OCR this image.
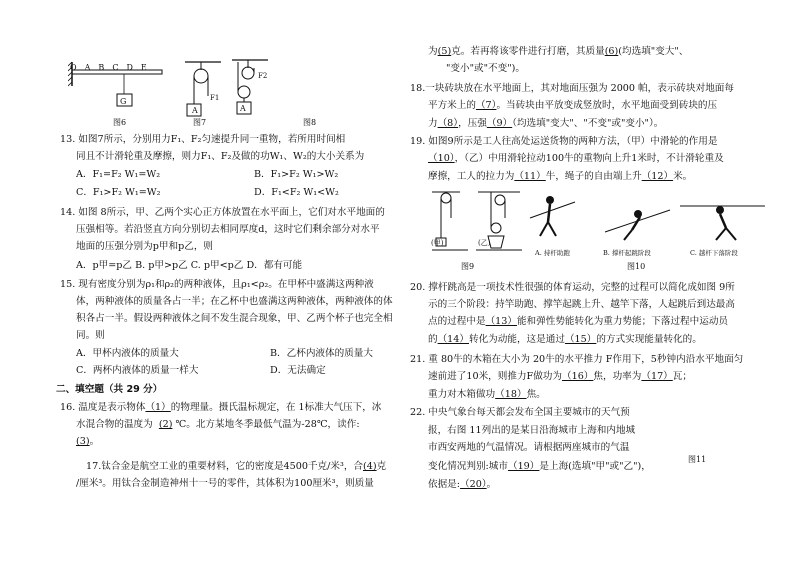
OABCDE
G
图6
A
F1
图7
A
F2
图8
13. 如图7所示，分别用力F₁、F₂匀速提升同一重物，若所用时间相
同且不计滑轮重及摩擦，则力F₁、F₂及做的功W₁、W₂的大小关系为
A．F₁=F₂ W₁=W₂	B．F₁>F₂ W₁>W₂
C．F₁>F₂ W₁=W₂	D．F₁<F₂ W₁<W₂
14. 如图 8所示，甲、乙两个实心正方体放置在水平面上，它们对水平地面的
压强相等。若沿竖直方向分别切去相同厚度d，这时它们剩余部分对水平
地面的压强分别为p甲和p乙，则
A．p甲=p乙 B. p甲>p乙 C. p甲<p乙 D．都有可能
15. 现有密度分别为ρ₁和ρ₂的两种液体，且ρ₁<ρ₂。在甲杯中盛满这两种液
体，两种液体的质量各占一半；在乙杯中也盛满这两种液体，两种液体的体
积各占一半。假设两种液体之间不发生混合现象，甲、乙两个杯子也完全相
同。则
A．甲杯内液体的质量大	B．乙杯内液体的质量大
C．两杯内液体的质量一样大	D．无法确定
二、填空题（共 29 分）
16. 温度是表示物体（1）的物理量。摄氏温标规定，在 1标准大气压下，冰
水混合物的温度为 (2) ℃。北方某地冬季最低气温为-28℃，读作:
(3)。
17.钛合金是航空工业的重要材料，它的密度是4500千克/米³，合(4)克
/厘米³。用钛合金制造神州十一号的零件，其体积为100厘米³，则质量
为(5)克。若再将该零件进行打磨，其质量(6)(均选填"变大"、
"变小"或"不变")。
18.一块砖块放在水平地面上，其对地面压强为 2000 帕，表示砖块对地面每
平方米上的（7）。当砖块由平放变成竖放时，水平地面受到砖块的压
力（8），压强（9）（均选填"变大"、"不变"或"变小"）。
19. 如图9所示是工人往高处运送货物的两种方法，（甲）中滑轮的作用是
（10），（乙）中用滑轮拉动100牛的重物向上升1米时，不计滑轮重及
摩擦，工人的拉力为（11）牛，绳子的自由端上升（12）米。
(甲)	(乙)
图9
A. 持杆助跑	B. 撑杆起跳阶段	C. 越杆下落阶段
图10
20. 撑杆跳高是一项技术性很强的体育运动，完整的过程可以简化成如图 9所
示的三个阶段：持竿助跑、撑竿起跳上升、越竿下落，人起跳后到达最高
点的过程中是（13）能和弹性势能转化为重力势能；下落过程中运动员
的（14）转化为动能，这是通过（15）的方式实现能量转化的。
21. 重 80牛的木箱在大小为 20牛的水平推力 F作用下，5秒钟内沿水平地面匀
速前进了10米，则推力F做功为（16）焦，功率为（17）瓦；
重力对木箱做功（18）焦。
22. 中央气象台每天都会发布全国主要城市的天气预
报，右图 11列出的是某日沿海城市上海和内地城
市西安两地的气温情况。请根据两座城市的气温
变化情况判别:城市（19）是上海(选填"甲"或"乙")，
依据是:（20）。
图11
